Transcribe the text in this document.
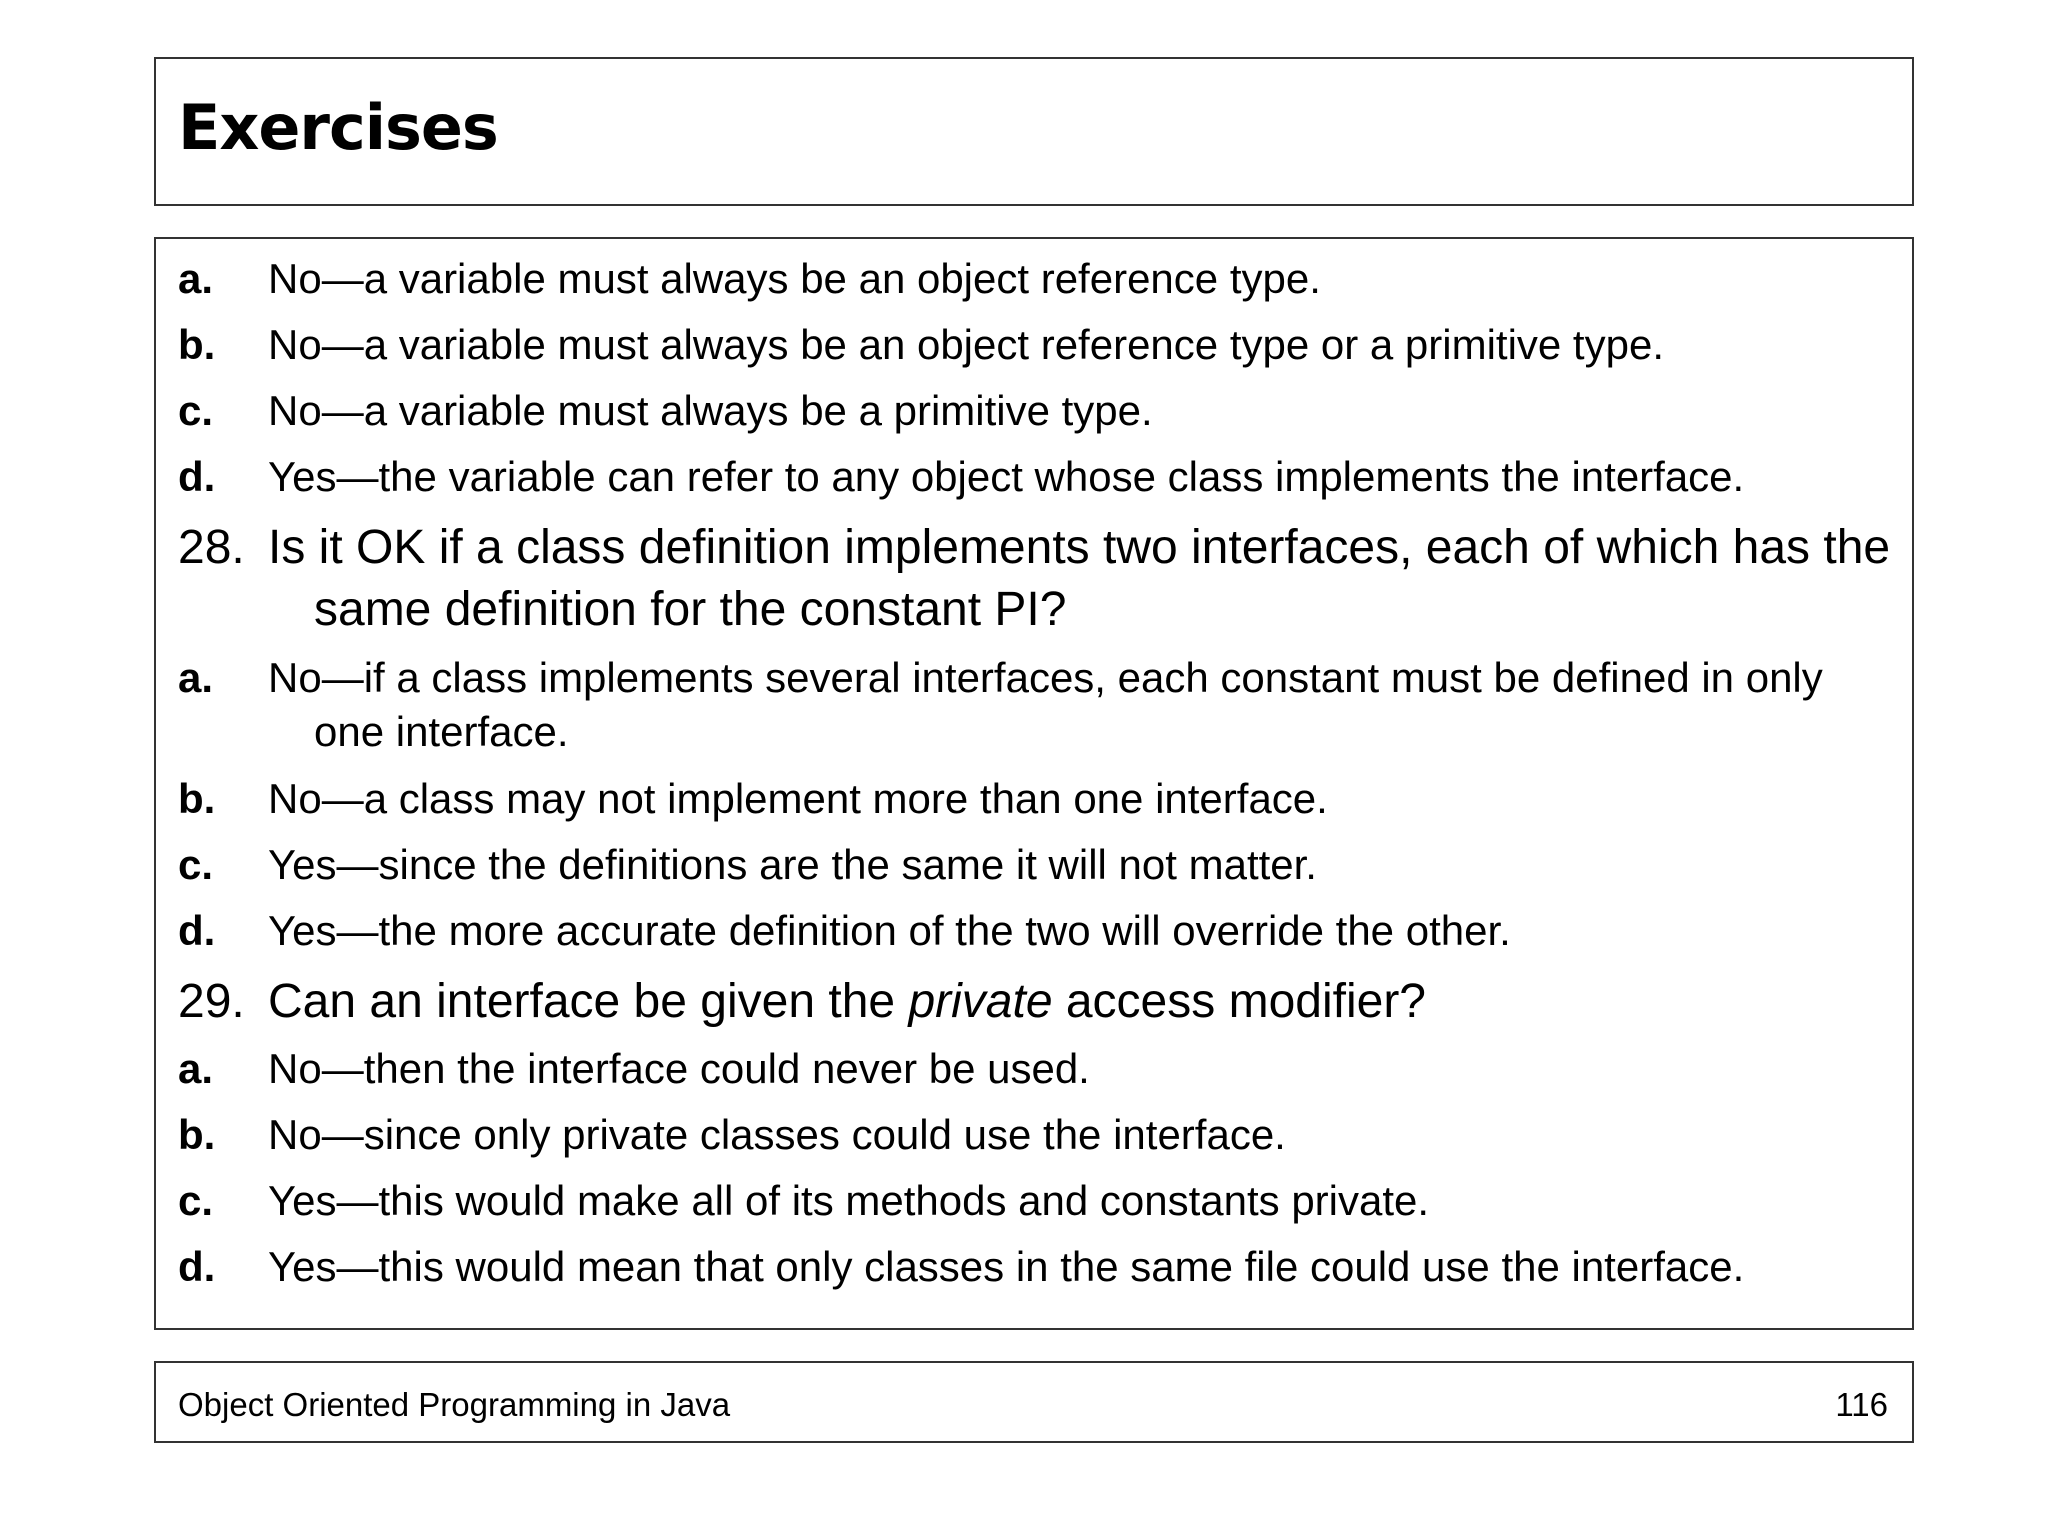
Exercises
a. No—a variable must always be an object reference type.
b. No—a variable must always be an object reference type or a primitive type.
c. No—a variable must always be a primitive type.
d. Yes—the variable can refer to any object whose class implements the interface.
28. Is it OK if a class definition implements two interfaces, each of which has the same definition for the constant PI?
a. No—if a class implements several interfaces, each constant must be defined in only one interface.
b. No—a class may not implement more than one interface.
c. Yes—since the definitions are the same it will not matter.
d. Yes—the more accurate definition of the two will override the other.
29. Can an interface be given the private access modifier?
a. No—then the interface could never be used.
b. No—since only private classes could use the interface.
c. Yes—this would make all of its methods and constants private.
d. Yes—this would mean that only classes in the same file could use the interface.
Object Oriented Programming in Java	116
